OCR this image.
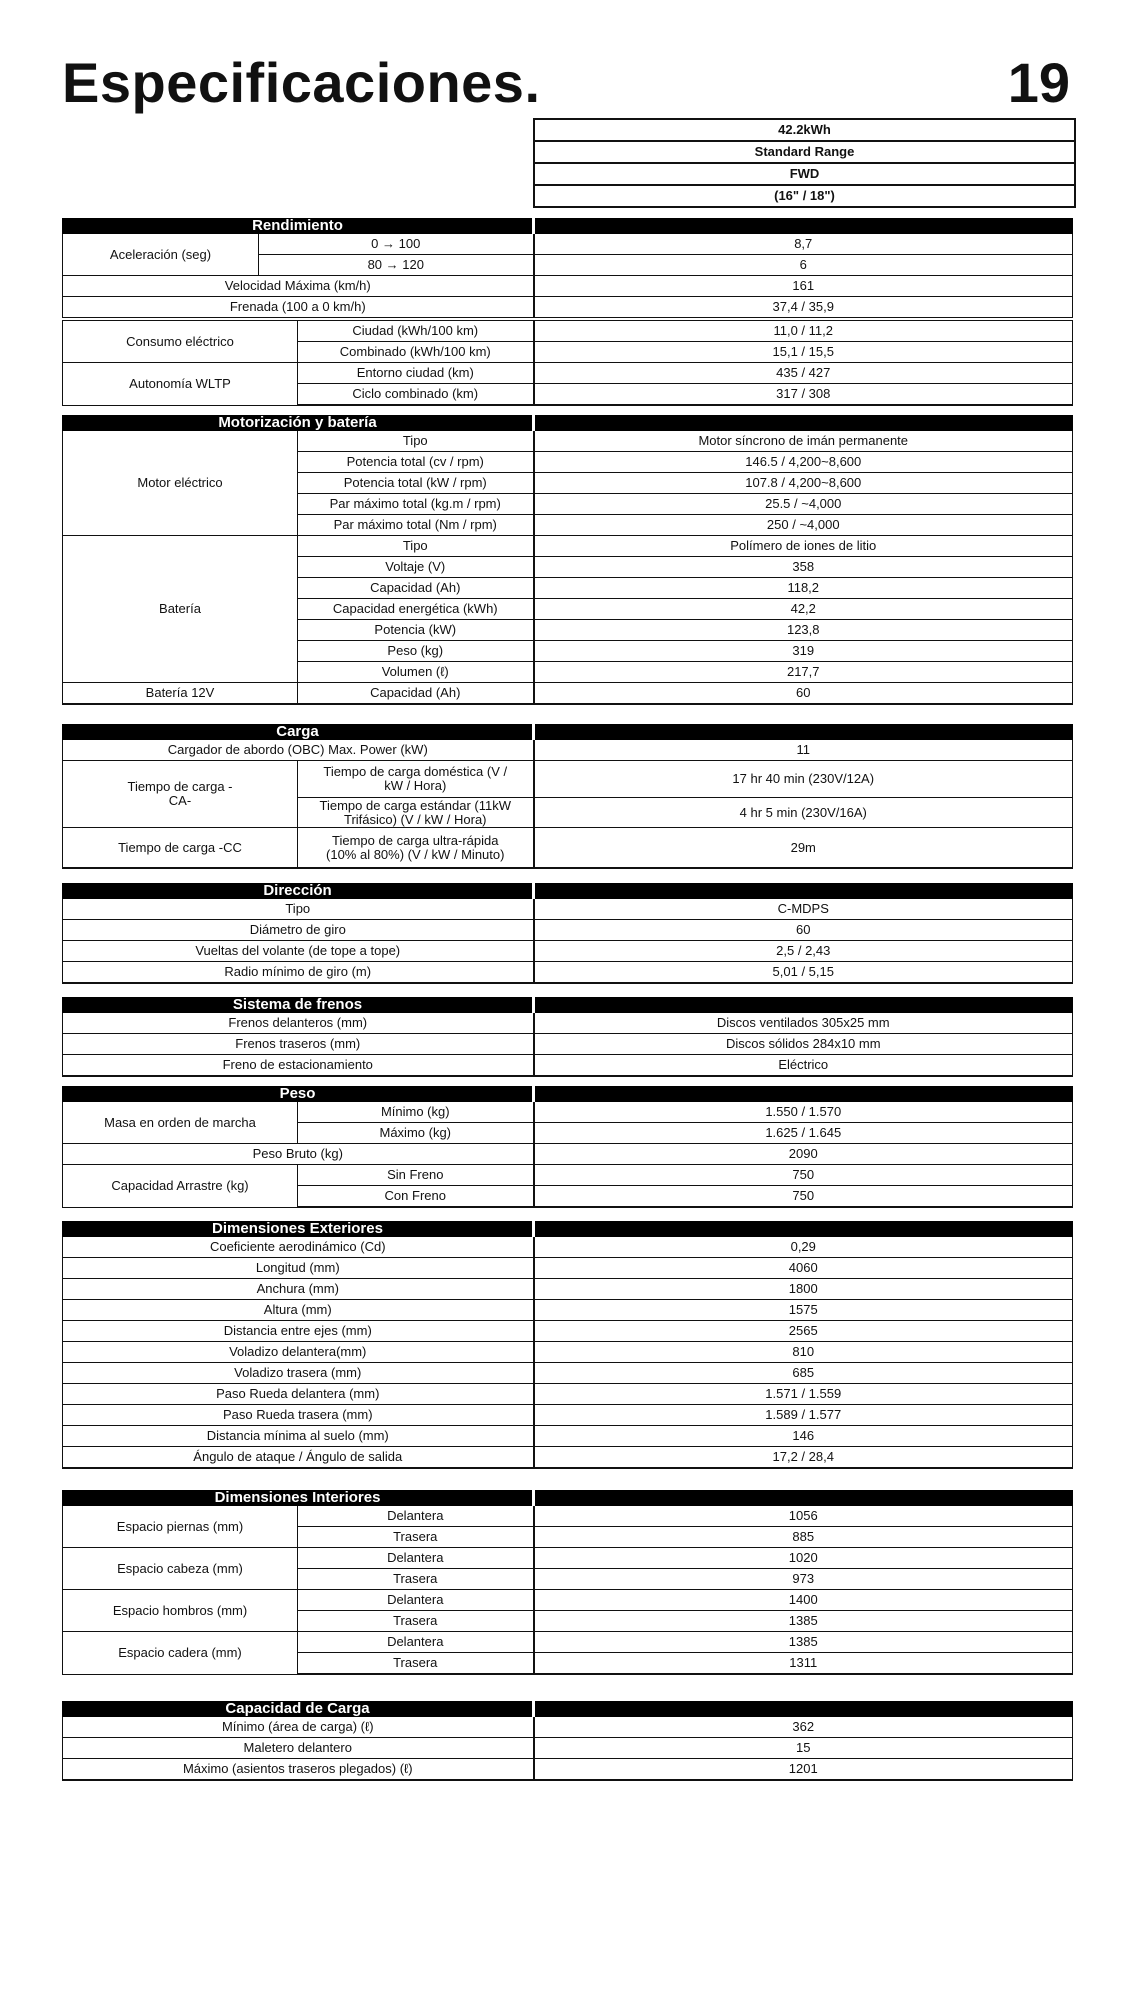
Especificaciones.	19
42.2kWh
Standard Range
FWD
(16" / 18")
Rendimiento		
Aceleración (seg)	0 → 100	8,7
	80 → 120	6
Velocidad Máxima (km/h)		161
Frenada (100 a 0 km/h)		37,4 / 35,9
Consumo eléctrico	Ciudad (kWh/100 km)	11,0 / 11,2
	Combinado (kWh/100 km)	15,1 / 15,5
Autonomía WLTP	Entorno ciudad (km)	435 / 427
	Ciclo combinado (km)	317 / 308
Motorización y batería		
Motor eléctrico	Tipo	Motor síncrono de imán permanente
	Potencia total (cv / rpm)	146.5 / 4,200~8,600
	Potencia total (kW / rpm)	107.8 / 4,200~8,600
	Par máximo total (kg.m / rpm)	25.5 / ~4,000
	Par máximo total (Nm / rpm)	250 / ~4,000
Batería	Tipo	Polímero de iones de litio
	Voltaje (V)	358
	Capacidad (Ah)	118,2
	Capacidad energética (kWh)	42,2
	Potencia (kW)	123,8
	Peso (kg)	319
	Volumen (ℓ)	217,7
Batería 12V	Capacidad (Ah)	60
Carga		
Cargador de abordo (OBC) Max. Power (kW)		11
Tiempo de carga -CA-	Tiempo de carga doméstica (V / kW / Hora)	17 hr 40 min (230V/12A)
	Tiempo de carga estándar (11kW Trifásico) (V / kW / Hora)	4 hr 5 min (230V/16A)
Tiempo de carga -CC	Tiempo de carga ultra-rápida (10% al 80%) (V / kW / Minuto)	29m
Dirección	
Tipo	C-MDPS
Diámetro de giro	60
Vueltas del volante (de tope a tope)	2,5 / 2,43
Radio mínimo de giro (m)	5,01 / 5,15
Sistema de frenos	
Frenos delanteros (mm)	Discos ventilados 305x25 mm
Frenos traseros (mm)	Discos sólidos 284x10 mm
Freno de estacionamiento	Eléctrico
Peso		
Masa en orden de marcha	Mínimo (kg)	1.550 / 1.570
	Máximo (kg)	1.625 / 1.645
Peso Bruto (kg)		2090
Capacidad Arrastre (kg)	Sin Freno	750
	Con Freno	750
Dimensiones Exteriores	
Coeficiente aerodinámico (Cd)	0,29
Longitud (mm)	4060
Anchura (mm)	1800
Altura (mm)	1575
Distancia entre ejes (mm)	2565
Voladizo delantera(mm)	810
Voladizo trasera (mm)	685
Paso Rueda delantera (mm)	1.571 / 1.559
Paso Rueda trasera (mm)	1.589 / 1.577
Distancia mínima al suelo (mm)	146
Ángulo de ataque / Ángulo de salida	17,2 / 28,4
Dimensiones Interiores		
Espacio piernas (mm)	Delantera	1056
	Trasera	885
Espacio cabeza (mm)	Delantera	1020
	Trasera	973
Espacio hombros (mm)	Delantera	1400
	Trasera	1385
Espacio cadera (mm)	Delantera	1385
	Trasera	1311
Capacidad de Carga	
Mínimo (área de carga) (ℓ)	362
Maletero delantero	15
Máximo (asientos traseros plegados) (ℓ)	1201
